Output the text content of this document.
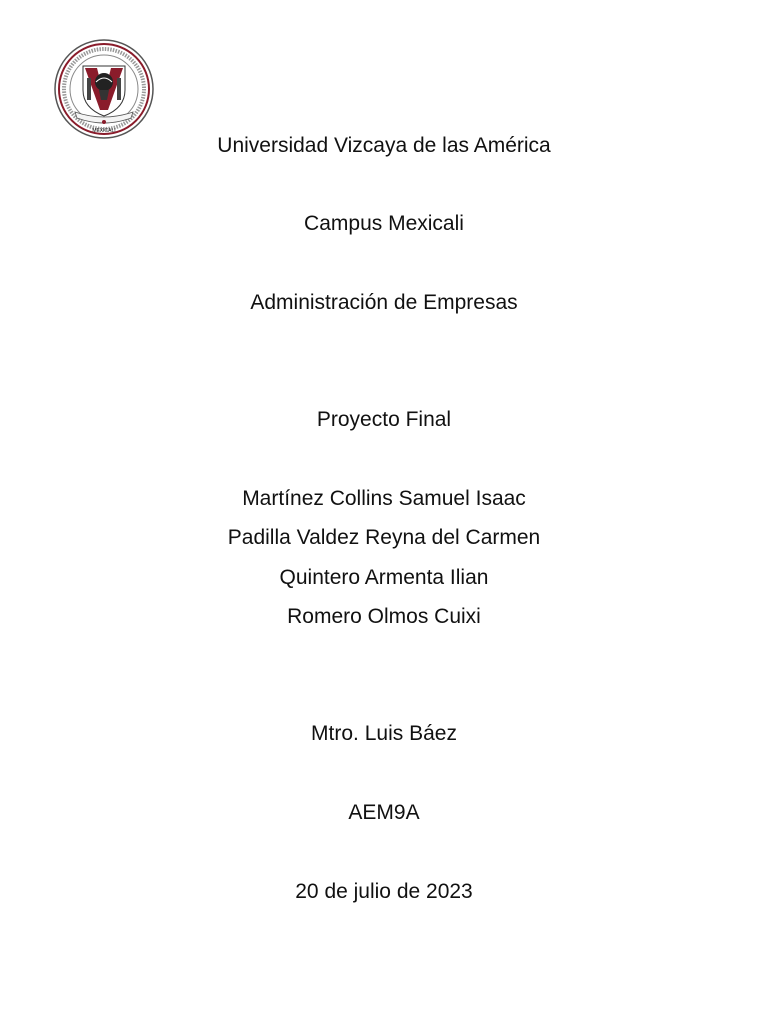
MEXICALI
Universidad Vizcaya de las América
Campus Mexicali
Administración de Empresas
Proyecto Final
Martínez Collins Samuel Isaac
Padilla Valdez Reyna del Carmen
Quintero Armenta Ilian
Romero Olmos Cuixi
Mtro. Luis Báez
AEM9A
20 de julio de 2023
